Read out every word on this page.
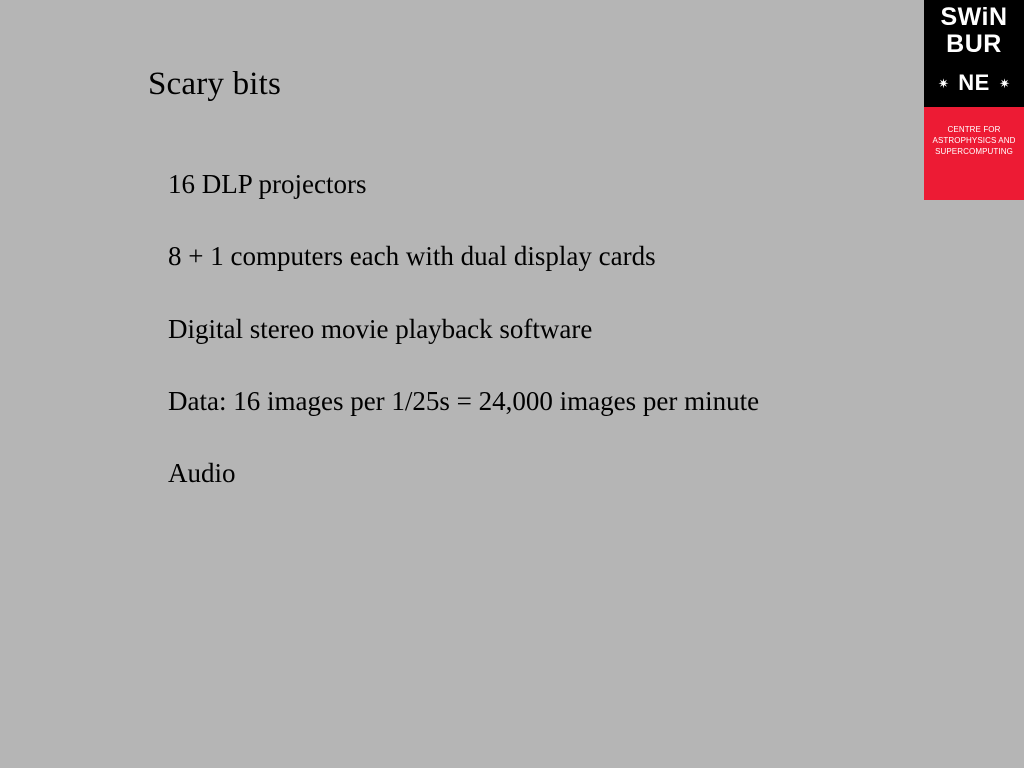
Scary bits
16 DLP projectors
8 + 1 computers each with dual display cards
Digital stereo movie playback software
Data: 16 images per 1/25s = 24,000 images per minute
Audio
SWiN
BUR
NE
✷	✷
CENTRE FOR
ASTROPHYSICS AND
SUPERCOMPUTING
